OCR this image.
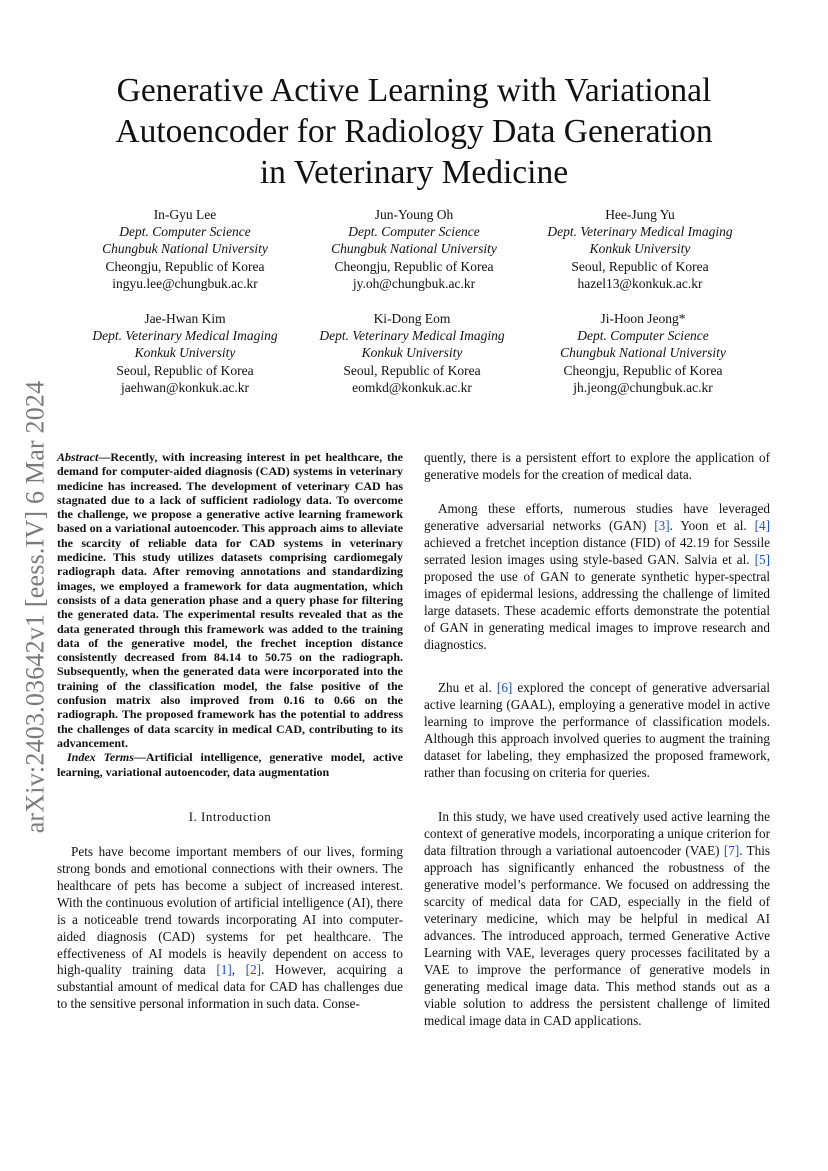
arXiv:2403.03642v1 [eess.IV] 6 Mar 2024
Generative Active Learning with Variational
Autoencoder for Radiology Data Generation
in Veterinary Medicine
In-Gyu Lee
Dept. Computer Science
Chungbuk National University
Cheongju, Republic of Korea
ingyu.lee@chungbuk.ac.kr
Jun-Young Oh
Dept. Computer Science
Chungbuk National University
Cheongju, Republic of Korea
jy.oh@chungbuk.ac.kr
Hee-Jung Yu
Dept. Veterinary Medical Imaging
Konkuk University
Seoul, Republic of Korea
hazel13@konkuk.ac.kr
Jae-Hwan Kim
Dept. Veterinary Medical Imaging
Konkuk University
Seoul, Republic of Korea
jaehwan@konkuk.ac.kr
Ki-Dong Eom
Dept. Veterinary Medical Imaging
Konkuk University
Seoul, Republic of Korea
eomkd@konkuk.ac.kr
Ji-Hoon Jeong*
Dept. Computer Science
Chungbuk National University
Cheongju, Republic of Korea
jh.jeong@chungbuk.ac.kr

Abstract—Recently, with increasing interest in pet healthcare, the demand for computer-aided diagnosis (CAD) systems in veterinary medicine has increased. The development of veterinary CAD has stagnated due to a lack of sufficient radiology data. To overcome the challenge, we propose a generative active learning framework based on a variational autoencoder. This approach aims to alleviate the scarcity of reliable data for CAD systems in veterinary medicine. This study utilizes datasets comprising cardiomegaly radiograph data. After removing annotations and standardizing images, we employed a framework for data augmentation, which consists of a data generation phase and a query phase for filtering the generated data. The experimental results revealed that as the data generated through this framework was added to the training data of the generative model, the frechet inception distance consistently decreased from 84.14 to 50.75 on the radiograph. Subsequently, when the generated data were incorporated into the training of the classification model, the false positive of the confusion matrix also improved from 0.16 to 0.66 on the radiograph. The proposed framework has the potential to address the challenges of data scarcity in medical CAD, contributing to its advancement.

Index Terms—Artificial intelligence, generative model, active learning, variational autoencoder, data augmentation

I. Introduction

Pets have become important members of our lives, forming strong bonds and emotional connections with their owners. The healthcare of pets has become a subject of increased interest. With the continuous evolution of artificial intelligence (AI), there is a noticeable trend towards incorporating AI into computer-aided diagnosis (CAD) systems for pet healthcare. The effectiveness of AI models is heavily dependent on access to high-quality training data [1], [2]. However, acquiring a substantial amount of medical data for CAD has challenges due to the sensitive personal information in such data. Conse-

quently, there is a persistent effort to explore the application of generative models for the creation of medical data.

Among these efforts, numerous studies have leveraged generative adversarial networks (GAN) [3]. Yoon et al. [4] achieved a fretchet inception distance (FID) of 42.19 for Sessile serrated lesion images using style-based GAN. Salvia et al. [5] proposed the use of GAN to generate synthetic hyper-spectral images of epidermal lesions, addressing the challenge of limited large datasets. These academic efforts demonstrate the potential of GAN in generating medical images to improve research and diagnostics.

Zhu et al. [6] explored the concept of generative adversarial active learning (GAAL), employing a generative model in active learning to improve the performance of classification models. Although this approach involved queries to augment the training dataset for labeling, they emphasized the proposed framework, rather than focusing on criteria for queries.

In this study, we have used creatively used active learning the context of generative models, incorporating a unique criterion for data filtration through a variational autoencoder (VAE) [7]. This approach has significantly enhanced the robustness of the generative model’s performance. We focused on addressing the scarcity of medical data for CAD, especially in the field of veterinary medicine, which may be helpful in medical AI advances. The introduced approach, termed Generative Active Learning with VAE, leverages query processes facilitated by a VAE to improve the performance of generative models in generating medical image data. This method stands out as a viable solution to address the persistent challenge of limited medical image data in CAD applications.
